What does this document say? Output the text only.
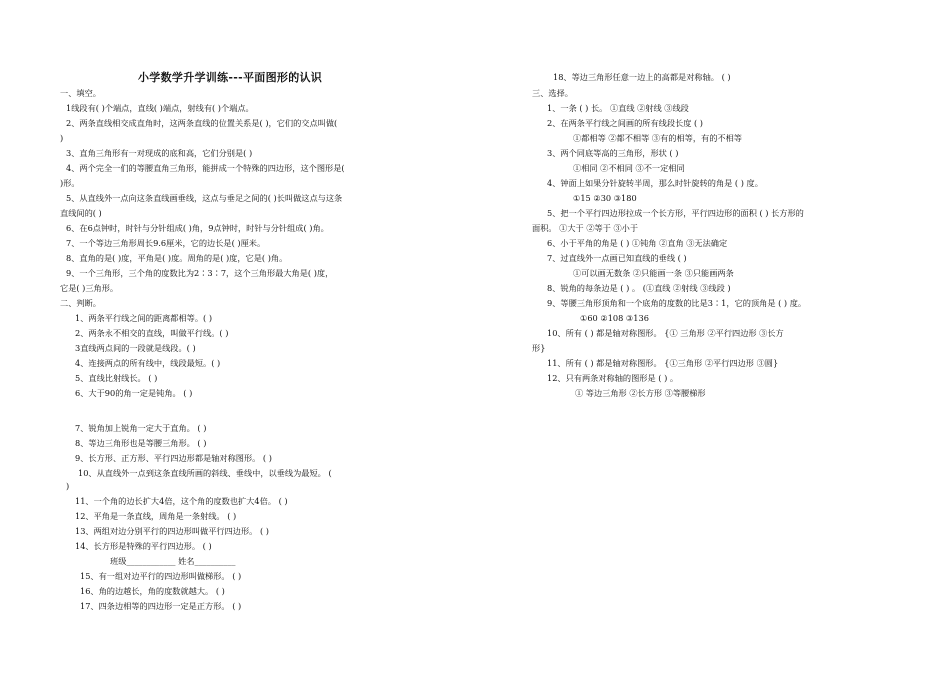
小学数学升学训练---平面图形的认识
一、填空。
1线段有( )个端点，直线( )端点，射线有( )个端点。
2、两条直线相交成直角时，这两条直线的位置关系是( )，它们的交点叫做(
)
3、直角三角形有一对现成的底和高，它们分别是( )
4、两个完全一们的等腰直角三角形，能拼成一个特殊的四边形，这个图形是(
)形。
5、从直线外一点向这条直线画垂线，这点与垂足之间的( )长叫做这点与这条
直线间的( )
6、在6点钟时，时针与分针组成( )角，9点钟时，时针与分针组成( )角。
7、一个等边三角形周长9.6厘米，它的边长是( )厘米。
8、直角的是( )度，平角是( )度。周角的是( )度，它是( )角。
9、一个三角形，三个角的度数比为2∶3∶7，这个三角形最大角是( )度，
它是( )三角形。
二、判断。
1、两条平行线之间的距离都相等。( )
2、两条永不相交的直线，叫做平行线。( )
3直线两点间的一段就是线段。( )
4、连接两点的所有线中，线段最短。( )
5、直线比射线长。 ( )
6、大于90的角一定是钝角。 ( )
7、锐角加上锐角一定大于直角。 ( )
8、等边三角形也是等腰三角形。 ( )
9、长方形、正方形、平行四边形都是轴对称图形。 ( )
10、从直线外一点到这条直线所画的斜线、垂线中，以垂线为最短。 (
)
11、一个角的边长扩大4倍，这个角的度数也扩大4倍。 ( )
12、平角是一条直线，周角是一条射线。 ( )
13、两组对边分别平行的四边形叫做平行四边形。 ( )
14、长方形是特殊的平行四边形。 ( )
班级____________ 姓名__________
15、有一组对边平行的四边形叫做梯形。 ( )
16、角的边越长，角的度数就越大。 ( )
17、四条边相等的四边形一定是正方形。 ( )
18、等边三角形任意一边上的高都是对称轴。 ( )
三、选择。
1、一条 ( ) 长。 ①直线 ②射线 ③线段
2、在两条平行线之间画的所有线段长度 ( )
①都相等 ②都不相等 ③有的相等，有的不相等
3、两个同底等高的三角形，形状 ( )
①相同 ②不相同 ③不一定相同
4、钟面上如果分针旋转半周，那么时针旋转的角是 ( ) 度。
①15 ②30 ③180
5、把一个平行四边形拉成一个长方形，平行四边形的面积 ( ) 长方形的
面积。 ①大于 ②等于 ③小于
6、小于平角的角是 ( ) ①钝角 ②直角 ③无法确定
7、过直线外一点画已知直线的垂线 ( )
①可以画无数条 ②只能画一条 ③只能画两条
8、锐角的每条边是 ( ) 。 (①直线 ②射线 ③线段 )
9、等腰三角形顶角和一个底角的度数的比是3∶1，它的顶角是 ( ) 度。
①60 ②108 ③136
10、所有 ( ) 都是轴对称图形。 {① 三角形 ②平行四边形 ③长方
形}
11、所有 ( ) 都是轴对称图形。 {①三角形 ②平行四边形 ③圆}
12、只有两条对称轴的图形是 ( ) 。
① 等边三角形 ②长方形 ③等腰梯形
